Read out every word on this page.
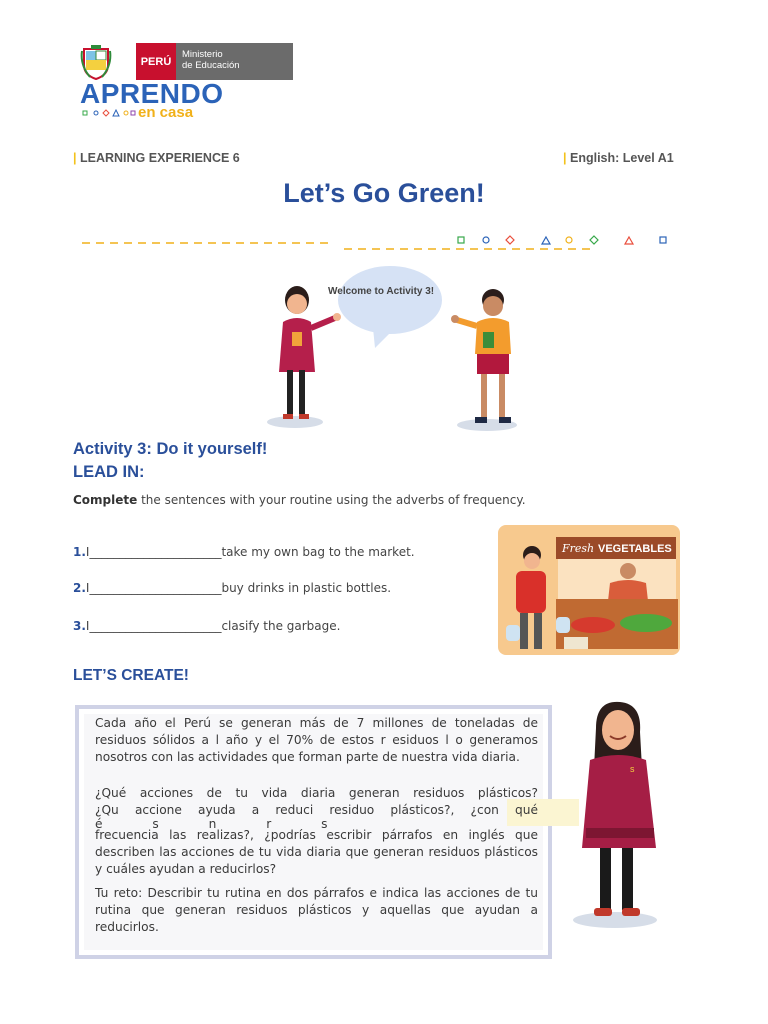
PERÚ
Ministerio
de Educación
APRENDO
en casa
| LEARNING EXPERIENCE 6	| English: Level A1
Let’s Go Green!
Welcome to Activity 3!
Activity 3: Do it yourself!
LEAD IN:
Complete the sentences with your routine using the adverbs of frequency.
1.I______________________take my own bag to the market.
2.I______________________buy drinks in plastic bottles.
3.I______________________clasify the garbage.
Fresh VEGETABLES
LET’S CREATE!
Cada año el Perú se generan más de 7 millones de toneladas de residuos sólidos a l año y el 70% de estos r esiduos l o generamos nosotros con las actividades que forman parte de nuestra vida diaria.
¿Qué acciones de tu vida diaria generan residuos plásticos?
¿Qu accione ayuda a reduci residuo plásticos?, ¿con qué
é s n r s
frecuencia las realizas?, ¿podrías escribir párrafos en inglés que describen las acciones de tu vida diaria que generan residuos plásticos y cuáles ayudan a reducirlos?
Tu reto: Describir tu rutina en dos párrafos e indica las acciones de tu rutina que generan residuos plásticos y aquellas que ayudan a reducirlos.
s
